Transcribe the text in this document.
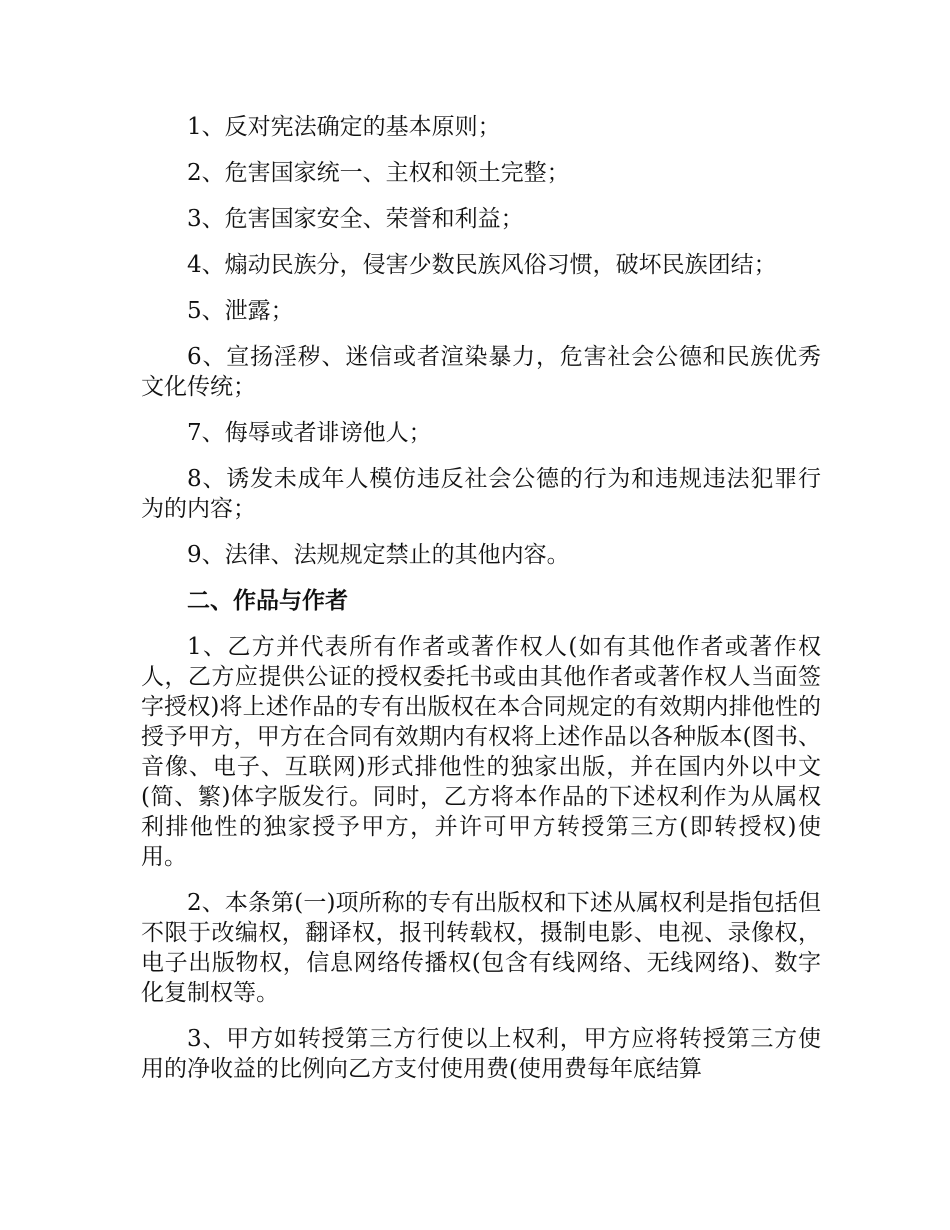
1、反对宪法确定的基本原则；

2、危害国家统一、主权和领土完整；

3、危害国家安全、荣誉和利益；

4、煽动民族分，侵害少数民族风俗习惯，破坏民族团结；

5、泄露；

6、宣扬淫秽、迷信或者渲染暴力，危害社会公德和民族优秀文化传统；

7、侮辱或者诽谤他人；

8、诱发未成年人模仿违反社会公德的行为和违规违法犯罪行为的内容；

9、法律、法规规定禁止的其他内容。

二、作品与作者

1、乙方并代表所有作者或著作权人(如有其他作者或著作权人，乙方应提供公证的授权委托书或由其他作者或著作权人当面签字授权)将上述作品的专有出版权在本合同规定的有效期内排他性的授予甲方，甲方在合同有效期内有权将上述作品以各种版本(图书、音像、电子、互联网)形式排他性的独家出版，并在国内外以中文(简、繁)体字版发行。同时，乙方将本作品的下述权利作为从属权利排他性的独家授予甲方，并许可甲方转授第三方(即转授权)使用。

2、本条第(一)项所称的专有出版权和下述从属权利是指包括但不限于改编权，翻译权，报刊转载权，摄制电影、电视、录像权，电子出版物权，信息网络传播权(包含有线网络、无线网络)、数字化复制权等。

3、甲方如转授第三方行使以上权利，甲方应将转授第三方使用的净收益的比例向乙方支付使用费(使用费每年底结算
